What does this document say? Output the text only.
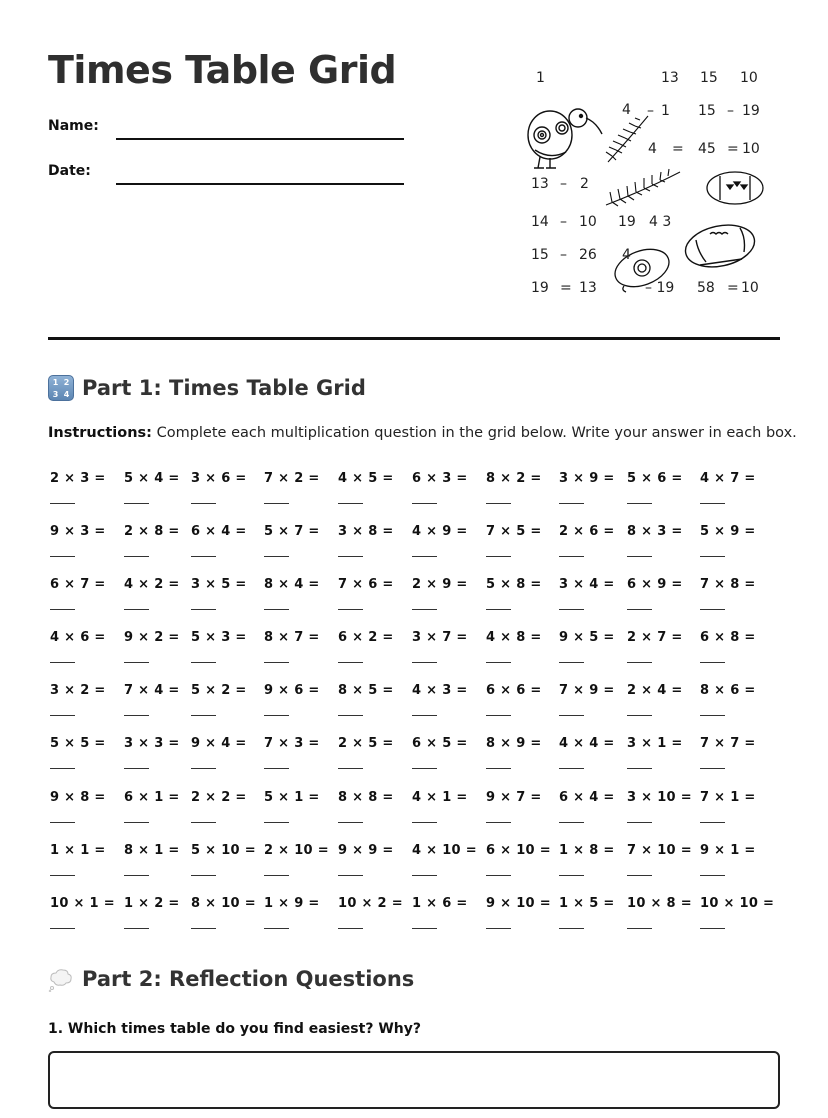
Times Table Grid
Name:
Date:
1	13 15 10
4 – 1 15 – 19
4 = 45 = 10
13 – 2
14 – 10 19 4 3
15 – 26 4
19 = 13	– 19 58 = 10
1 2
3 4 Part 1: Times Table Grid

Instructions: Complete each multiplication question in the grid below. Write your answer in each box.

2 × 3 = 5 × 4 = 3 × 6 = 7 × 2 = 4 × 5 = 6 × 3 = 8 × 2 = 3 × 9 = 5 × 6 = 4 × 7 =
9 × 3 = 2 × 8 = 6 × 4 = 5 × 7 = 3 × 8 = 4 × 9 = 7 × 5 = 2 × 6 = 8 × 3 = 5 × 9 =
6 × 7 = 4 × 2 = 3 × 5 = 8 × 4 = 7 × 6 = 2 × 9 = 5 × 8 = 3 × 4 = 6 × 9 = 7 × 8 =
4 × 6 = 9 × 2 = 5 × 3 = 8 × 7 = 6 × 2 = 3 × 7 = 4 × 8 = 9 × 5 = 2 × 7 = 6 × 8 =
3 × 2 = 7 × 4 = 5 × 2 = 9 × 6 = 8 × 5 = 4 × 3 = 6 × 6 = 7 × 9 = 2 × 4 = 8 × 6 =
5 × 5 = 3 × 3 = 9 × 4 = 7 × 3 = 2 × 5 = 6 × 5 = 8 × 9 = 4 × 4 = 3 × 1 = 7 × 7 =
9 × 8 = 6 × 1 = 2 × 2 = 5 × 1 = 8 × 8 = 4 × 1 = 9 × 7 = 6 × 4 = 3 × 10 = 7 × 1 =
1 × 1 = 8 × 1 = 5 × 10 = 2 × 10 = 9 × 9 = 4 × 10 = 6 × 10 = 1 × 8 = 7 × 10 = 9 × 1 =
10 × 1 = 1 × 2 = 8 × 10 = 1 × 9 = 10 × 2 = 1 × 6 = 9 × 10 = 1 × 5 = 10 × 8 = 10 × 10 =
Part 2: Reflection Questions

1. Which times table do you find easiest? Why?
